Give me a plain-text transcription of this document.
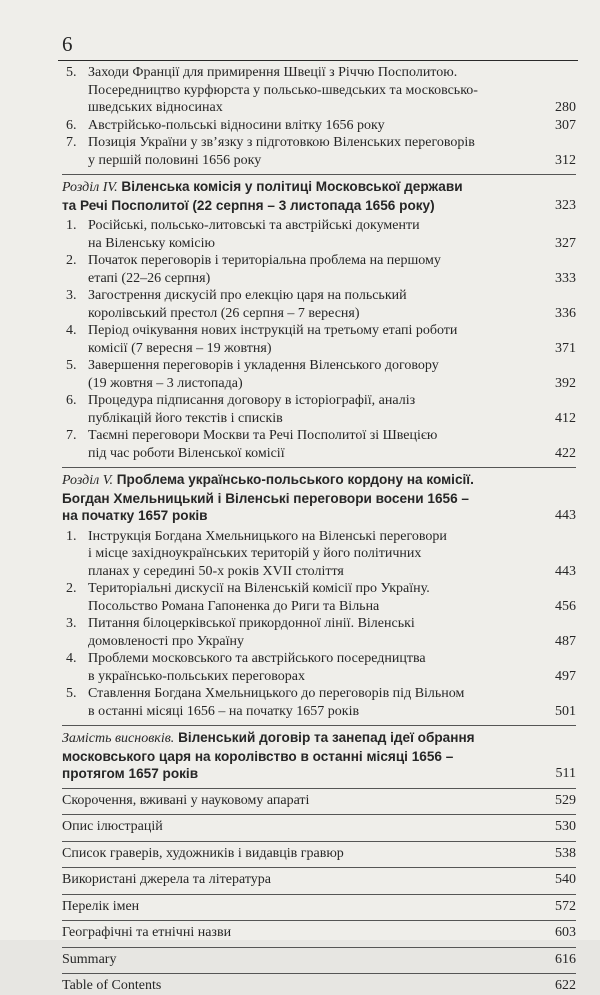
6
5. Заходи Франції для примирення Швеції з Річчю Посполитою.
Посередництво курфюрста у польсько-шведських та московсько-
шведських відносинах	280
6. Австрійсько-польські відносини влітку 1656 року	307
7. Позиція України у зв’язку з підготовкою Віленських переговорів
у першій половині 1656 року	312
Розділ IV. Віленська комісія у політиці Московської держави
та Речі Посполитої (22 серпня – 3 листопада 1656 року)	323
1. Російські, польсько-литовські та австрійські документи
на Віленську комісію	327
2. Початок переговорів і територіальна проблема на першому
етапі (22–26 серпня)	333
3. Загострення дискусій про елекцію царя на польський
королівський престол (26 серпня – 7 вересня)	336
4. Період очікування нових інструкцій на третьому етапі роботи
комісії (7 вересня – 19 жовтня)	371
5. Завершення переговорів і укладення Віленського договору
(19 жовтня – 3 листопада)	392
6. Процедура підписання договору в історіографії, аналіз
публікацій його текстів і списків	412
7. Таємні переговори Москви та Речі Посполитої зі Швецією
під час роботи Віленської комісії	422
Розділ V. Проблема українсько-польського кордону на комісії.
Богдан Хмельницький і Віленські переговори восени 1656 –
на початку 1657 років	443
1. Інструкція Богдана Хмельницького на Віленські переговори
і місце західноукраїнських територій у його політичних
планах у середині 50-х років XVII століття	443
2. Територіальні дискусії на Віленській комісії про Україну.
Посольство Романа Гапоненка до Риги та Вільна	456
3. Питання білоцерківської прикордонної лінії. Віленські
домовленості про Україну	487
4. Проблеми московського та австрійського посередництва
в українсько-польських переговорах	497
5. Ставлення Богдана Хмельницького до переговорів під Вільном
в останні місяці 1656 – на початку 1657 років	501
Замість висновків. Віленський договір та занепад ідеї обрання
московського царя на королівство в останні місяці 1656 –
протягом 1657 років	511
Скорочення, вживані у науковому апараті	529
Опис ілюстрацій	530
Список граверів, художників і видавців гравюр	538
Використані джерела та література	540
Перелік імен	572
Географічні та етнічні назви	603
Summary	616
Table of Contents	622
